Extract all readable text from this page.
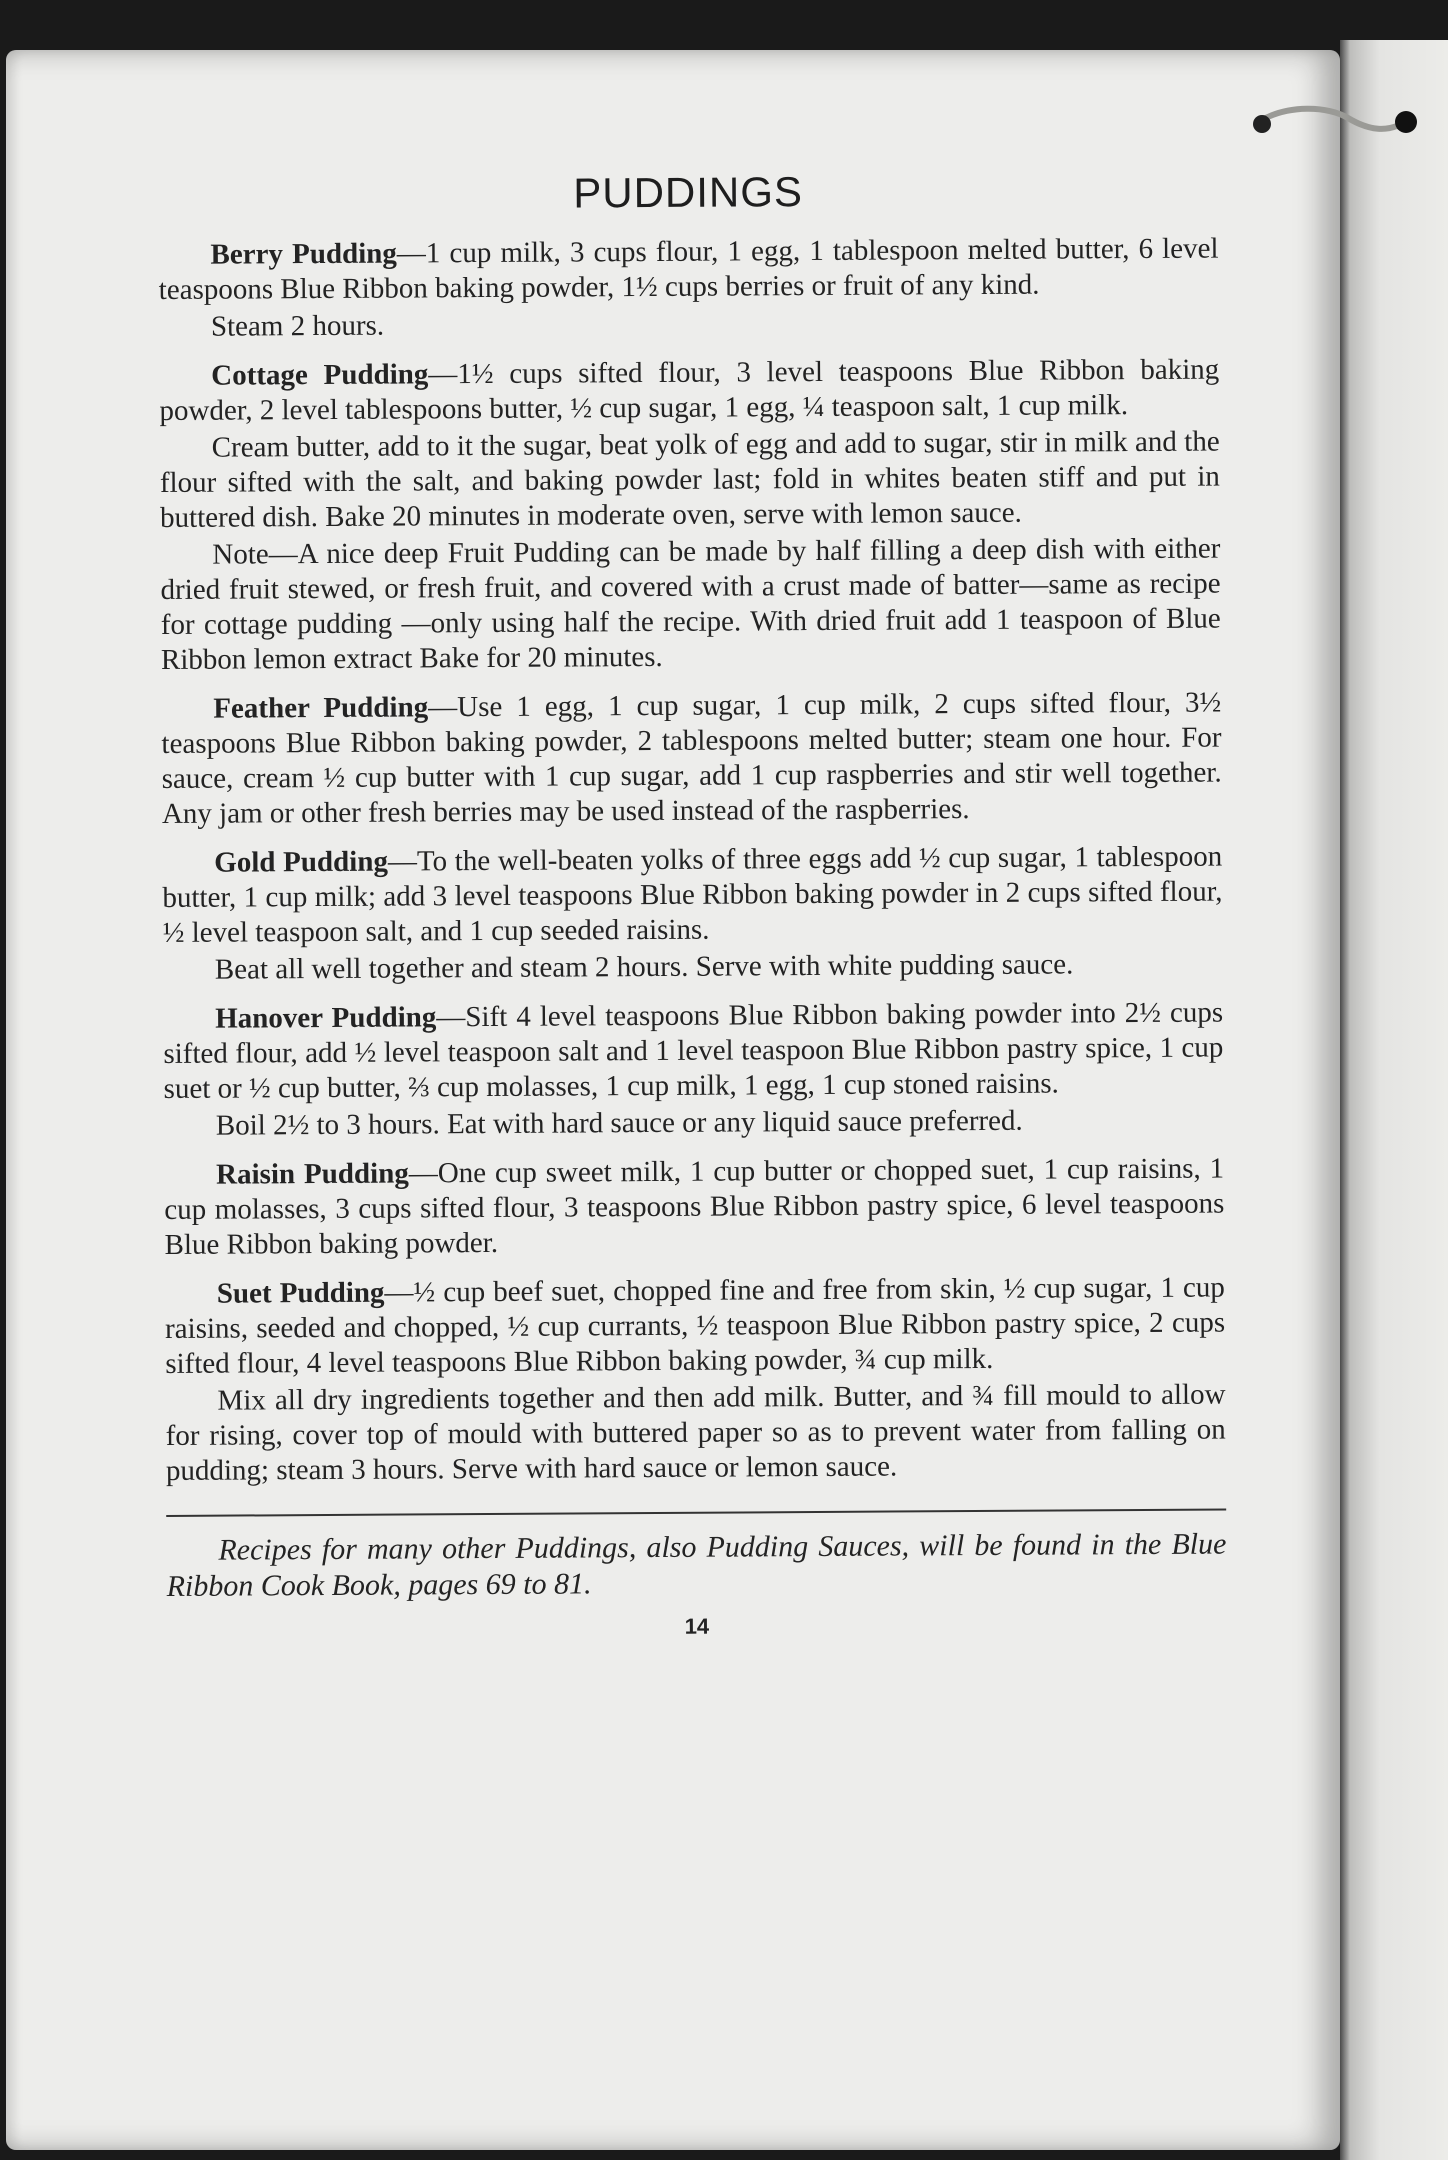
PUDDINGS

Berry Pudding—1 cup milk, 3 cups flour, 1 egg, 1 tablespoon melted butter, 6 level teaspoons Blue Ribbon baking powder, 1½ cups berries or fruit of any kind.

Steam 2 hours.

Cottage Pudding—1½ cups sifted flour, 3 level teaspoons Blue Ribbon baking powder, 2 level tablespoons butter, ½ cup sugar, 1 egg, ¼ teaspoon salt, 1 cup milk.

Cream butter, add to it the sugar, beat yolk of egg and add to sugar, stir in milk and the flour sifted with the salt, and baking powder last; fold in whites beaten stiff and put in buttered dish. Bake 20 minutes in moderate oven, serve with lemon sauce.

Note—A nice deep Fruit Pudding can be made by half filling a deep dish with either dried fruit stewed, or fresh fruit, and covered with a crust made of batter—same as recipe for cottage pudding —only using half the recipe. With dried fruit add 1 teaspoon of Blue Ribbon lemon extract Bake for 20 minutes.

Feather Pudding—Use 1 egg, 1 cup sugar, 1 cup milk, 2 cups sifted flour, 3½ teaspoons Blue Ribbon baking powder, 2 tablespoons melted butter; steam one hour. For sauce, cream ½ cup butter with 1 cup sugar, add 1 cup raspberries and stir well together. Any jam or other fresh berries may be used instead of the raspberries.

Gold Pudding—To the well-beaten yolks of three eggs add ½ cup sugar, 1 tablespoon butter, 1 cup milk; add 3 level teaspoons Blue Ribbon baking powder in 2 cups sifted flour, ½ level teaspoon salt, and 1 cup seeded raisins.

Beat all well together and steam 2 hours. Serve with white pudding sauce.

Hanover Pudding—Sift 4 level teaspoons Blue Ribbon baking powder into 2½ cups sifted flour, add ½ level teaspoon salt and 1 level teaspoon Blue Ribbon pastry spice, 1 cup suet or ½ cup butter, ⅔ cup molasses, 1 cup milk, 1 egg, 1 cup stoned raisins.

Boil 2½ to 3 hours. Eat with hard sauce or any liquid sauce preferred.

Raisin Pudding—One cup sweet milk, 1 cup butter or chopped suet, 1 cup raisins, 1 cup molasses, 3 cups sifted flour, 3 teaspoons Blue Ribbon pastry spice, 6 level teaspoons Blue Ribbon baking powder.

Suet Pudding—½ cup beef suet, chopped fine and free from skin, ½ cup sugar, 1 cup raisins, seeded and chopped, ½ cup currants, ½ teaspoon Blue Ribbon pastry spice, 2 cups sifted flour, 4 level teaspoons Blue Ribbon baking powder, ¾ cup milk.

Mix all dry ingredients together and then add milk. Butter, and ¾ fill mould to allow for rising, cover top of mould with buttered paper so as to prevent water from falling on pudding; steam 3 hours. Serve with hard sauce or lemon sauce.

Recipes for many other Puddings, also Pudding Sauces, will be found in the Blue Ribbon Cook Book, pages 69 to 81.

14
